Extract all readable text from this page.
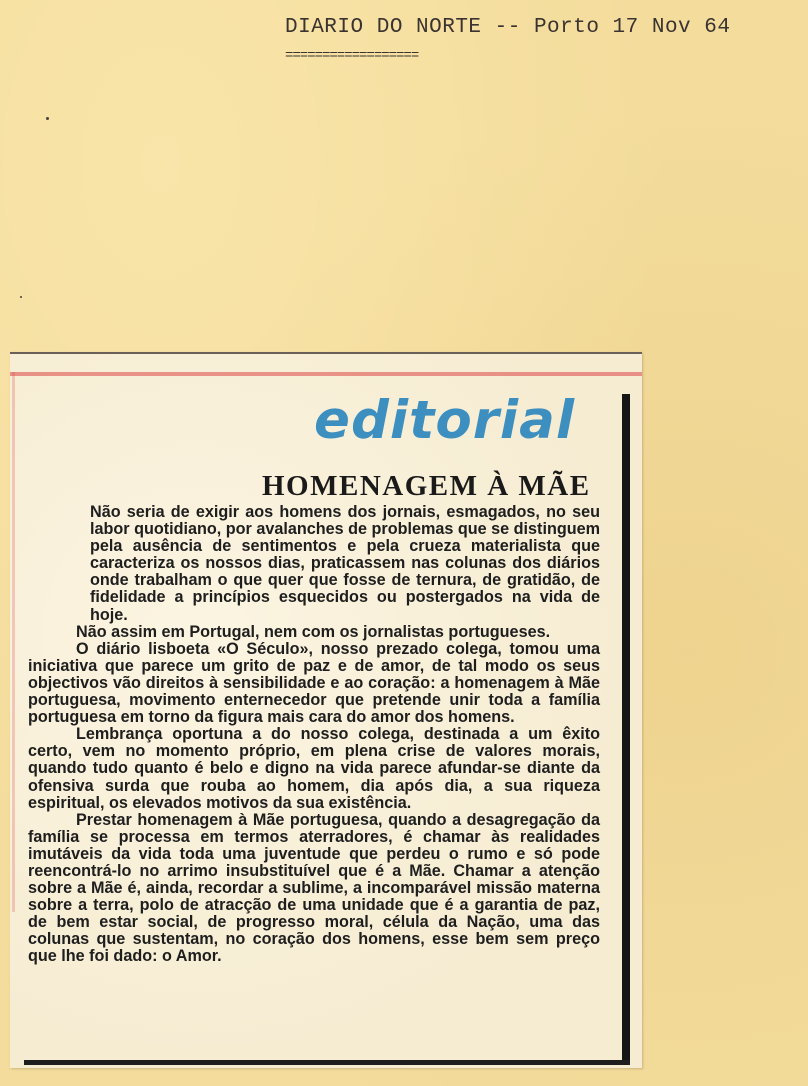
DIARIO DO NORTE -- Porto 17 Nov 64
==================
editorial
HOMENAGEM À MÃE

Não seria de exigir aos homens dos jornais, esmagados, no seu labor quotidiano, por avalanches de problemas que se distinguem pela ausência de sentimentos e pela crueza materialista que caracteriza os nossos dias, praticassem nas colunas dos diários onde trabalham o que quer que fosse de ternura, de gratidão, de fidelidade a princípios esquecidos ou postergados na vida de hoje.

Não assim em Portugal, nem com os jornalistas portugueses.

O diário lisboeta «O Século», nosso prezado colega, tomou uma iniciativa que parece um grito de paz e de amor, de tal modo os seus objectivos vão direitos à sensibilidade e ao coração: a homenagem à Mãe portuguesa, movimento enternecedor que pretende unir toda a família portuguesa em torno da figura mais cara do amor dos homens.

Lembrança oportuna a do nosso colega, destinada a um êxito certo, vem no momento próprio, em plena crise de valores morais, quando tudo quanto é belo e digno na vida parece afundar-se diante da ofensiva surda que rouba ao homem, dia após dia, a sua riqueza espiritual, os elevados motivos da sua existência.

Prestar homenagem à Mãe portuguesa, quando a desagregação da família se processa em termos aterradores, é chamar às realidades imutáveis da vida toda uma juventude que perdeu o rumo e só pode reencontrá-lo no arrimo insubstituível que é a Mãe. Chamar a atenção sobre a Mãe é, ainda, recordar a sublime, a incomparável missão materna sobre a terra, polo de atracção de uma unidade que é a garantia de paz, de bem estar social, de progresso moral, célula da Nação, uma das colunas que sustentam, no coração dos homens, esse bem sem preço que lhe foi dado: o Amor.
